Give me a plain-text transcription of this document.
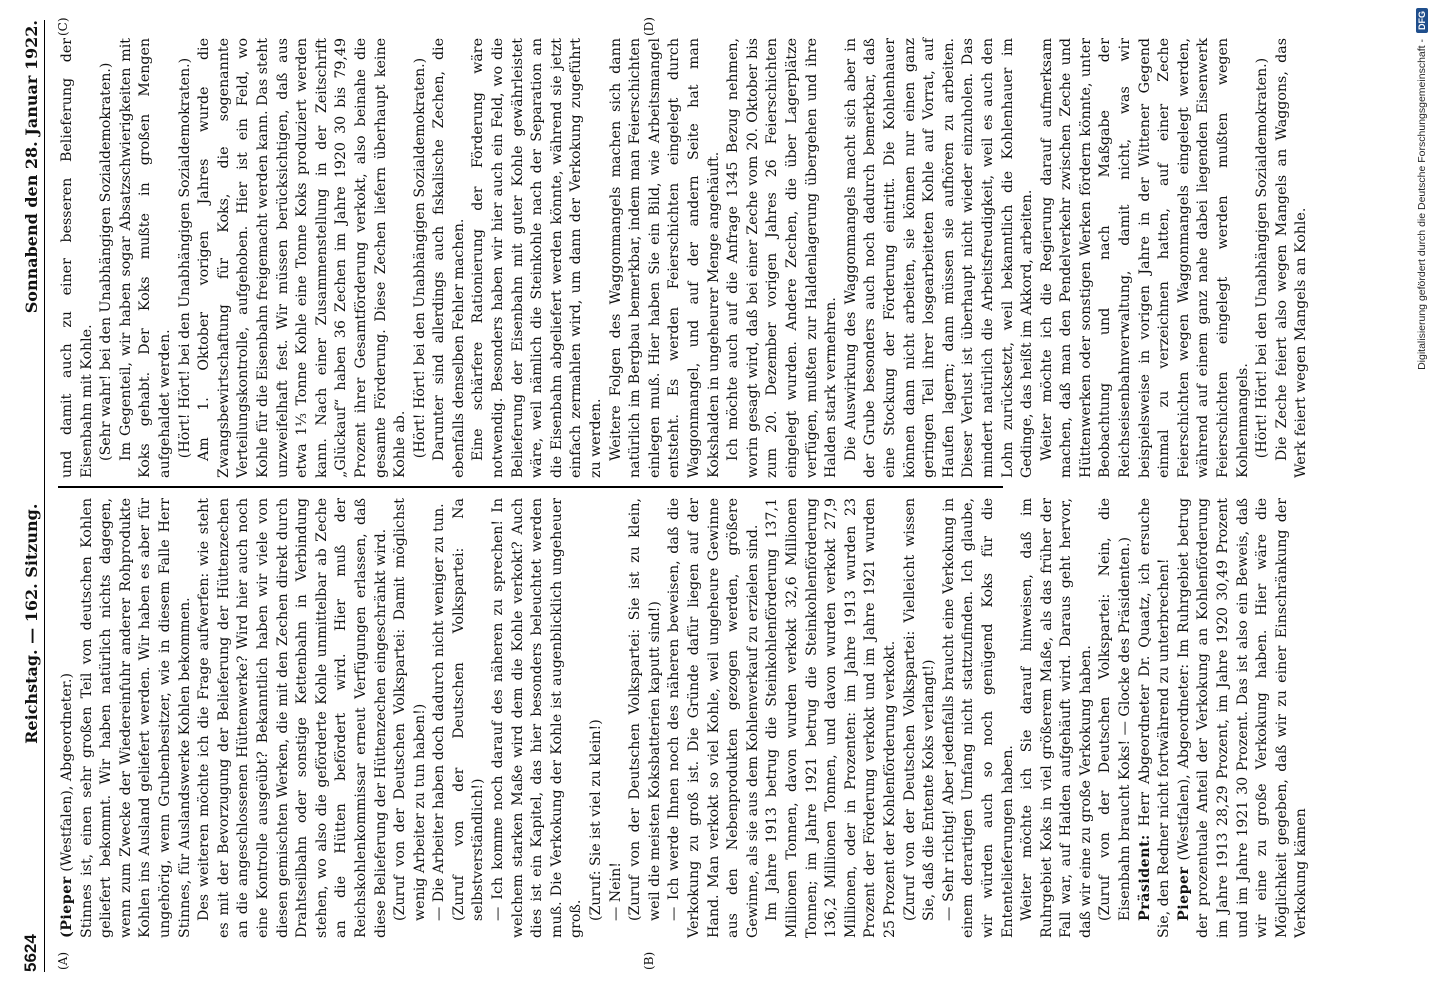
5624
Reichstag. — 162. Sitzung.
Sonnabend den 28. Januar 1922.
(A)	(B)
(C)	(D)

(Pieper (Westfalen), Abgeordneter.) Stinnes ist, einen sehr großen Teil von deutschen Kohlen geliefert bekommt. Wir haben natürlich nichts dagegen, wenn zum Zwecke der Wiedereinfuhr anderer Rohprodukte Kohlen ins Ausland geliefert werden. Wir haben es aber für ungehörig, wenn Grubenbesitzer, wie in diesem Falle Herr Stinnes, für Auslandswerke Kohlen bekommen. Des weiteren möchte ich die Frage aufwerfen: wie steht es mit der Bevorzugung der Belieferung der Hüttenzechen an die angeschlossenen Hüttenwerke? Wird hier auch noch eine Kontrolle ausgeübt? Bekanntlich haben wir viele von diesen gemischten Werken, die mit den Zechen direkt durch Drahtseilbahn oder sonstige Kettenbahn in Verbindung stehen, wo also die geförderte Kohle unmittelbar ab Zeche an die Hütten befördert wird. Hier muß der Reichskohlenkommissar erneut Verfügungen erlassen, daß diese Belieferung der Hüttenzechen eingeschränkt wird. (Zuruf von der Deutschen Volkspartei: Damit möglichst wenig Arbeiter zu tun haben!) — Die Arbeiter haben doch dadurch nicht weniger zu tun. (Zuruf von der Deutschen Volkspartei: Na selbstverständlich!) — Ich komme noch darauf des näheren zu sprechen! In welchem starken Maße wird dem die Kohle verkokt? Auch dies ist ein Kapitel, das hier besonders beleuchtet werden muß. Die Verkokung der Kohle ist augenblicklich ungeheuer groß. (Zuruf: Sie ist viel zu klein!) — Nein! (Zuruf von der Deutschen Volkspartei: Sie ist zu klein, weil die meisten Koksbatterien kaputt sind!) — Ich werde Ihnen noch des näheren beweisen, daß die Verkokung zu groß ist. Die Gründe dafür liegen auf der Hand. Man verkokt so viel Kohle, weil ungeheure Gewinne aus den Nebenprodukten gezogen werden, größere Gewinne, als sie aus dem Kohlenverkauf zu erzielen sind. Im Jahre 1913 betrug die Steinkohlenförderung 137,1 Millionen Tonnen, davon wurden verkokt 32,6 Millionen Tonnen; im Jahre 1921 betrug die Steinkohlenförderung 136,2 Millionen Tonnen, und davon wurden verkokt 27,9 Millionen, oder in Prozenten: im Jahre 1913 wurden 23 Prozent der Förderung verkokt und im Jahre 1921 wurden 25 Prozent der Kohlenförderung verkokt. (Zuruf von der Deutschen Volkspartei: Vielleicht wissen Sie, daß die Entente Koks verlangt!) — Sehr richtig! Aber jedenfalls braucht eine Verkokung in einem derartigen Umfang nicht stattzufinden. Ich glaube, wir würden auch so noch genügend Koks für die Ententelieferungen haben. Weiter möchte ich Sie darauf hinweisen, daß im Ruhrgebiet Koks in viel größerem Maße, als das früher der Fall war, auf Halden aufgehäuft wird. Daraus geht hervor, daß wir eine zu große Verkokung haben. (Zuruf von der Deutschen Volkspartei: Nein, die Eisenbahn braucht Koks! — Glocke des Präsidenten.) Präsident: Herr Abgeordneter Dr. Quaatz, ich ersuche Sie, den Redner nicht fortwährend zu unterbrechen! Pieper (Westfalen), Abgeordneter: Im Ruhrgebiet betrug der prozentuale Anteil der Verkokung an Kohlenförderung im Jahre 1913 28,29 Prozent, im Jahre 1920 30,49 Prozent und im Jahre 1921 30 Prozent. Das ist also ein Beweis, daß wir eine zu große Verkokung haben. Hier wäre die Möglichkeit gegeben, daß wir zu einer Einschränkung der Verkokung kämen

und damit auch zu einer besseren Belieferung der Eisenbahn mit Kohle. (Sehr wahr! bei den Unabhängigen Sozialdemokraten.) Im Gegenteil, wir haben sogar Absatzschwierigkeiten mit Koks gehabt. Der Koks mußte in großen Mengen aufgehaldet werden. (Hört! Hört! bei den Unabhängigen Sozialdemokraten.) Am 1. Oktober vorigen Jahres wurde die Zwangsbewirtschaftung für Koks, die sogenannte Verteilungskontrolle, aufgehoben. Hier ist ein Feld, wo Kohle für die Eisenbahn freigemacht werden kann. Das steht unzweifelhaft fest. Wir müssen berücksichtigen, daß aus etwa 1⅓ Tonne Kohle eine Tonne Koks produziert werden kann. Nach einer Zusammenstellung in der Zeitschrift „Glückauf“ haben 36 Zechen im Jahre 1920 30 bis 79,49 Prozent ihrer Gesamtförderung verkokt, also beinahe die gesamte Förderung. Diese Zechen liefern überhaupt keine Kohle ab. (Hört! Hört! bei den Unabhängigen Sozialdemokraten.) Darunter sind allerdings auch fiskalische Zechen, die ebenfalls denselben Fehler machen. Eine schärfere Rationierung der Förderung wäre notwendig. Besonders haben wir hier auch ein Feld, wo die Belieferung der Eisenbahn mit guter Kohle gewährleistet wäre, weil nämlich die Steinkohle nach der Separation an die Eisenbahn abgeliefert werden könnte, während sie jetzt einfach zermahlen wird, um dann der Verkokung zugeführt zu werden. Weitere Folgen des Waggonmangels machen sich dann natürlich im Bergbau bemerkbar, indem man Feierschichten einlegen muß. Hier haben Sie ein Bild, wie Arbeitsmangel entsteht. Es werden Feierschichten eingelegt durch Waggonmangel, und auf der andern Seite hat man Kokshalden in ungeheurer Menge angehäuft. Ich möchte auch auf die Anfrage 1345 Bezug nehmen, worin gesagt wird, daß bei einer Zeche vom 20. Oktober bis zum 20. Dezember vorigen Jahres 26 Feierschichten eingelegt wurden. Andere Zechen, die über Lagerplätze verfügen, mußten zur Haldenlagerung übergehen und ihre Halden stark vermehren. Die Auswirkung des Waggonmangels macht sich aber in der Grube besonders auch noch dadurch bemerkbar, daß eine Stockung der Förderung eintritt. Die Kohlenhauer können dann nicht arbeiten, sie können nur einen ganz geringen Teil ihrer losgearbeiteten Kohle auf Vorrat, auf Haufen lagern; dann müssen sie aufhören zu arbeiten. Dieser Verlust ist überhaupt nicht wieder einzuholen. Das mindert natürlich die Arbeitsfreudigkeit, weil es auch den Lohn zurücksetzt, weil bekanntlich die Kohlenhauer im Gedinge, das heißt im Akkord, arbeiten. Weiter möchte ich die Regierung darauf aufmerksam machen, daß man den Pendelverkehr zwischen Zeche und Hüttenwerken oder sonstigen Werken fördern könnte, unter Beobachtung und nach Maßgabe der Reichseisenbahnverwaltung, damit nicht, was wir beispielsweise in vorigen Jahre in der Wittener Gegend einmal zu verzeichnen hatten, auf einer Zeche Feierschichten wegen Waggonmangels eingelegt werden, während auf einem ganz nahe dabei liegenden Eisenwerk Feierschichten eingelegt werden mußten wegen Kohlenmangels. (Hört! Hört! bei den Unabhängigen Sozialdemokraten.) Die Zeche feiert also wegen Mangels an Waggons, das Werk feiert wegen Mangels an Kohle.	Digitalisierung gefördert durch die Deutsche Forschungsgemeinschaft -
DFG
